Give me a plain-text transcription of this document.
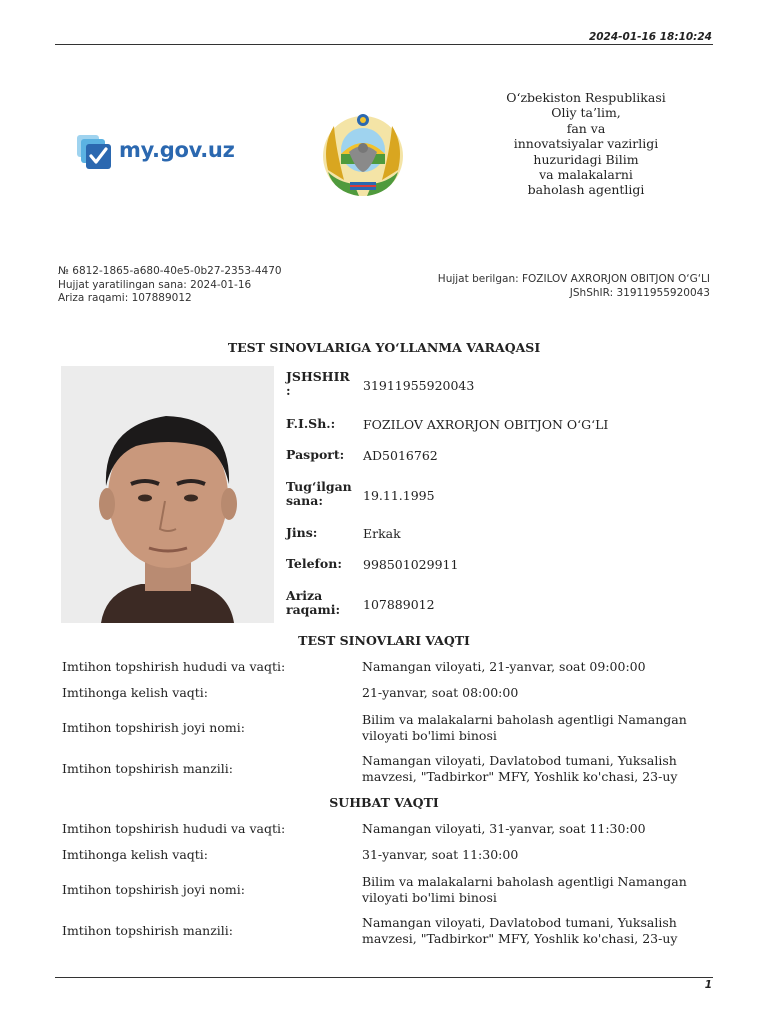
2024-01-16 18:10:24
my.gov.uz
O‘zbekiston Respublikasi
Oliy ta’lim,
fan va
innovatsiyalar vazirligi
huzuridagi Bilim
va malakalarni
baholash agentligi
№ 6812-1865-a680-40e5-0b27-2353-4470
Hujjat yaratilingan sana: 2024-01-16
Ariza raqami: 107889012
Hujjat berilgan: FOZILOV AXRORJON OBITJON O‘G‘LI
JShShIR: 31911955920043
TEST SINOVLARIGA YO‘LLANMA VARAQASI
JSHSHIR :	31911955920043
F.I.Sh.:	FOZILOV AXRORJON OBITJON O‘G‘LI
Pasport:	AD5016762
Tug‘ilgan sana:	19.11.1995
Jins:	Erkak
Telefon:	998501029911
Ariza raqami:	107889012
TEST SINOVLARI VAQTI
Imtihon topshirish hududi va vaqti:	Namangan viloyati, 21-yanvar, soat 09:00:00
Imtihonga kelish vaqti:	21-yanvar, soat 08:00:00
Imtihon topshirish joyi nomi:
Bilim va malakalarni baholash agentligi Namangan viloyati bo'limi binosi
Imtihon topshirish manzili:
Namangan viloyati, Davlatobod tumani, Yuksalish mavzesi, "Tadbirkor" MFY, Yoshlik ko'chasi, 23-uy
SUHBAT VAQTI
Imtihon topshirish hududi va vaqti:	Namangan viloyati, 31-yanvar, soat 11:30:00
Imtihonga kelish vaqti:	31-yanvar, soat 11:30:00
Imtihon topshirish joyi nomi:
Bilim va malakalarni baholash agentligi Namangan viloyati bo'limi binosi
Imtihon topshirish manzili:
Namangan viloyati, Davlatobod tumani, Yuksalish mavzesi, "Tadbirkor" MFY, Yoshlik ko'chasi, 23-uy
1
